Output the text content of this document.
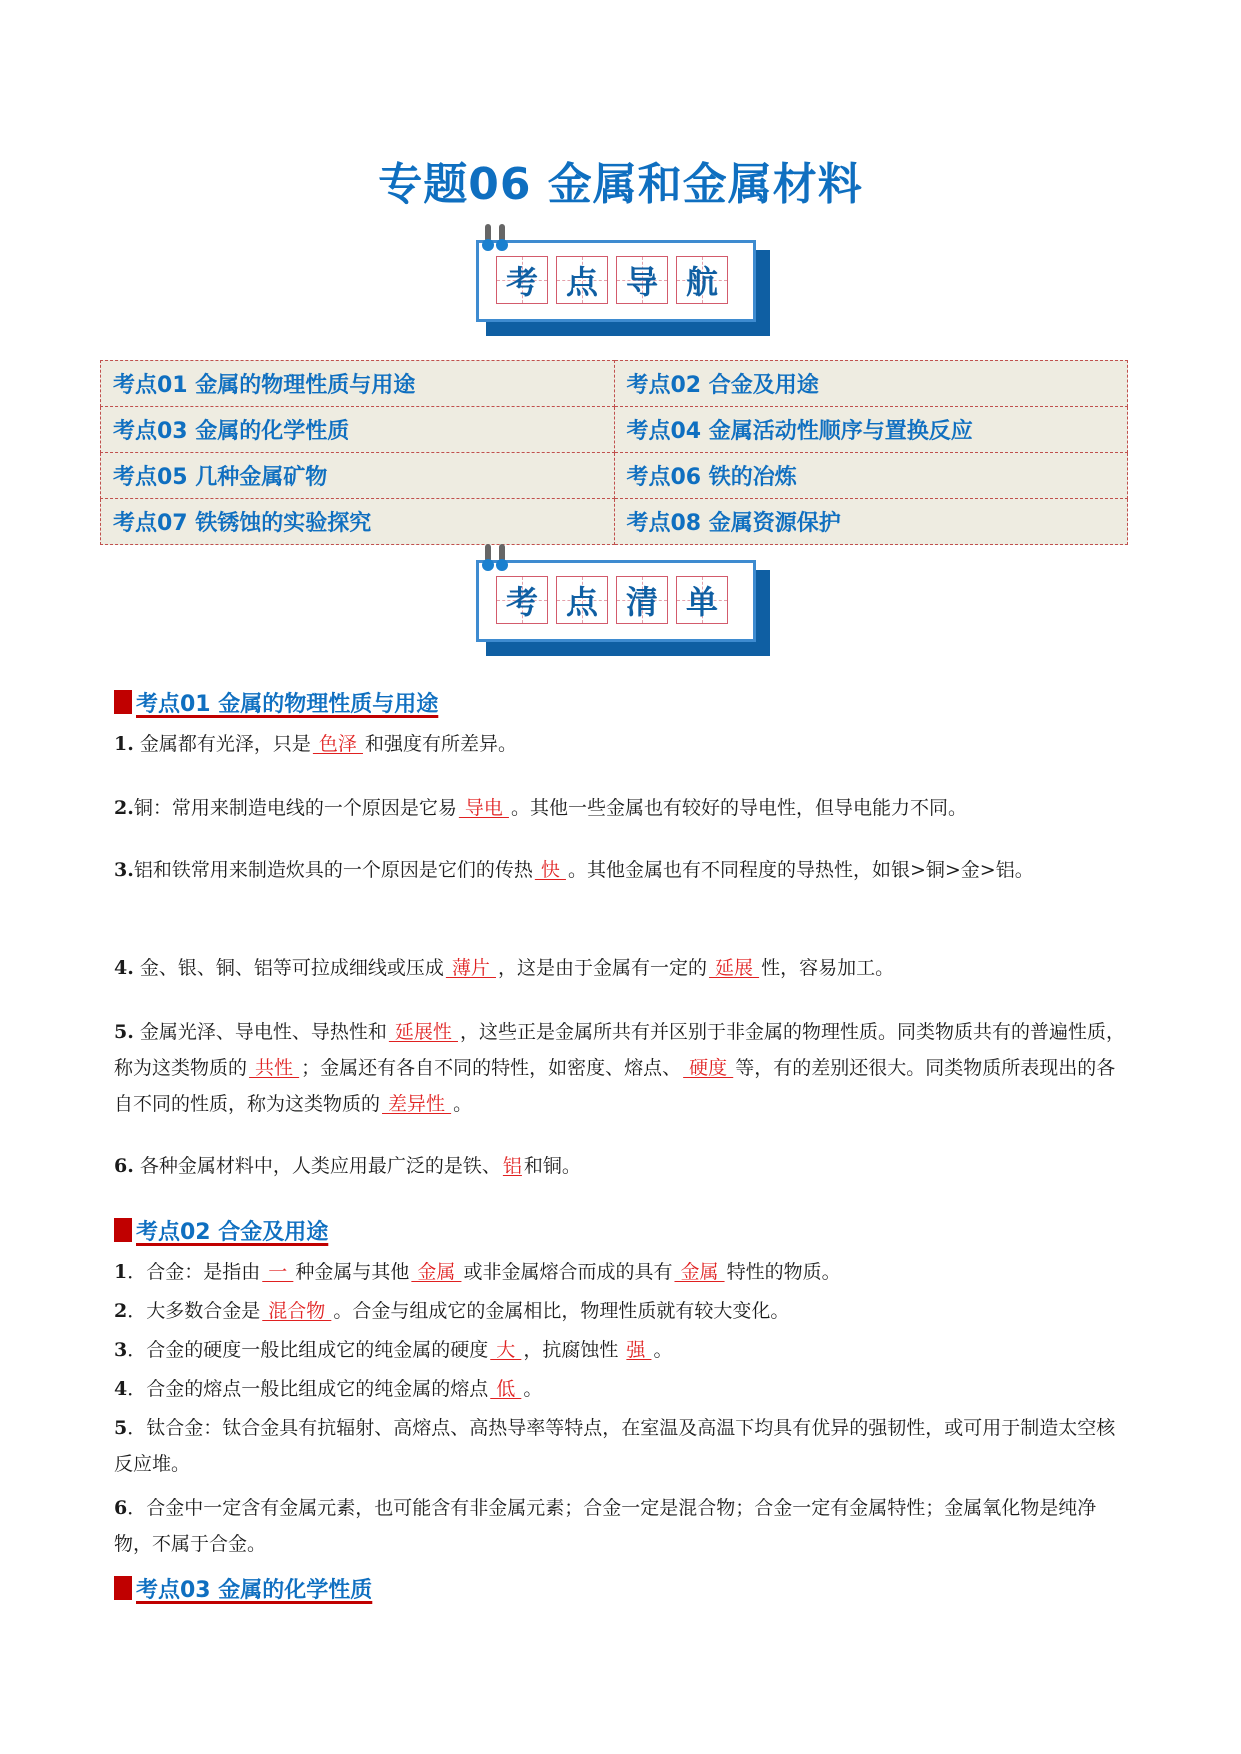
专题06 金属和金属材料
考 点 导 航
考点01 金属的物理性质与用途	考点02 合金及用途
考点03 金属的化学性质	考点04 金属活动性顺序与置换反应
考点05 几种金属矿物	考点06 铁的冶炼
考点07 铁锈蚀的实验探究	考点08 金属资源保护
考 点 清 单
考点01 金属的物理性质与用途
1. 金属都有光泽，只是 色泽 和强度有所差异。
2.铜：常用来制造电线的一个原因是它易 导电 。其他一些金属也有较好的导电性，但导电能力不同。
3.铝和铁常用来制造炊具的一个原因是它们的传热 快 。其他金属也有不同程度的导热性，如银>铜>金>铝。
4. 金、银、铜、铝等可拉成细线或压成 薄片 ，这是由于金属有一定的 延展 性，容易加工。
5. 金属光泽、导电性、导热性和 延展性 ，这些正是金属所共有并区别于非金属的物理性质。同类物质共有的普遍性质，称为这类物质的 共性 ；金属还有各自不同的特性，如密度、熔点、 硬度 等，有的差别还很大。同类物质所表现出的各自不同的性质，称为这类物质的 差异性 。
6. 各种金属材料中，人类应用最广泛的是铁、 铝 和铜。
考点02 合金及用途
1．合金：是指由 一 种金属与其他 金属 或非金属熔合而成的具有 金属 特性的物质。
2．大多数合金是 混合物 。合金与组成它的金属相比，物理性质就有较大变化。
3．合金的硬度一般比组成它的纯金属的硬度 大 ，抗腐蚀性 强 。
4．合金的熔点一般比组成它的纯金属的熔点 低 。
5．钛合金：钛合金具有抗辐射、高熔点、高热导率等特点，在室温及高温下均具有优异的强韧性，或可用于制造太空核反应堆。
6．合金中一定含有金属元素，也可能含有非金属元素；合金一定是混合物；合金一定有金属特性；金属氧化物是纯净物，不属于合金。
考点03 金属的化学性质
